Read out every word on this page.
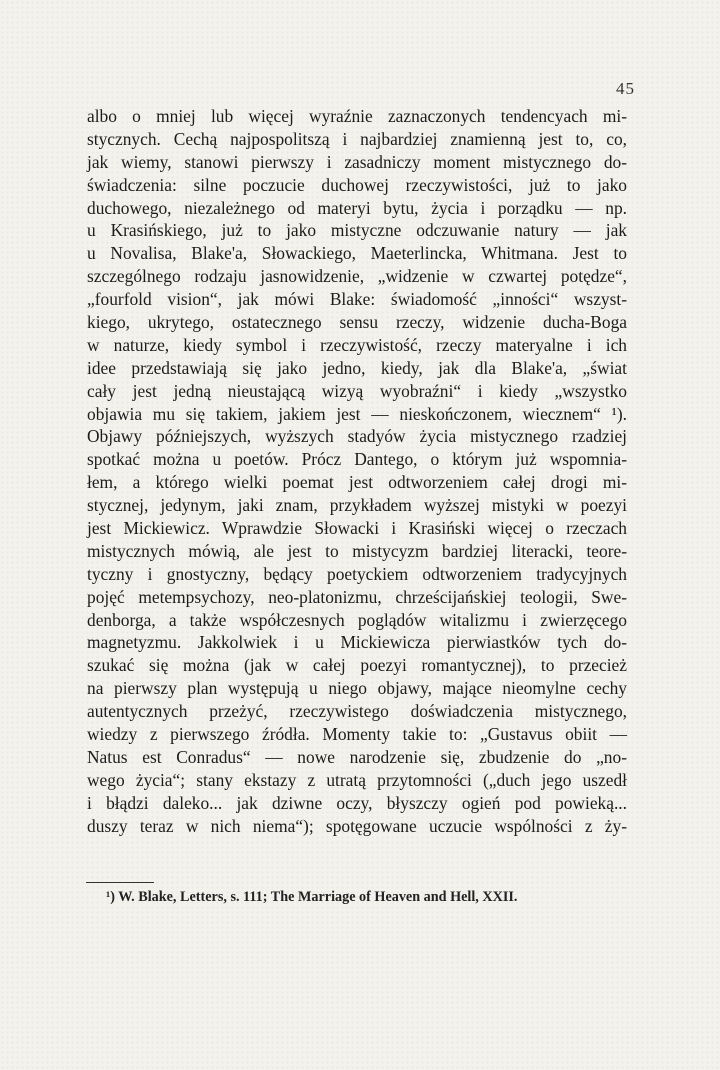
45
albo o mniej lub więcej wyraźnie zaznaczonych tendencyach mi-
stycznych. Cechą najpospolitszą i najbardziej znamienną jest to, co,
jak wiemy, stanowi pierwszy i zasadniczy moment mistycznego do-
świadczenia: silne poczucie duchowej rzeczywistości, już to jako
duchowego, niezależnego od materyi bytu, życia i porządku — np.
u Krasińskiego, już to jako mistyczne odczuwanie natury — jak
u Novalisa, Blake'a, Słowackiego, Maeterlincka, Whitmana. Jest to
szczególnego rodzaju jasnowidzenie, „widzenie w czwartej potędze“,
„fourfold vision“, jak mówi Blake: świadomość „inności“ wszyst-
kiego, ukrytego, ostatecznego sensu rzeczy, widzenie ducha-Boga
w naturze, kiedy symbol i rzeczywistość, rzeczy materyalne i ich
idee przedstawiają się jako jedno, kiedy, jak dla Blake'a, „świat
cały jest jedną nieustającą wizyą wyobraźni“ i kiedy „wszystko
objawia mu się takiem, jakiem jest — nieskończonem, wiecznem“ ¹).
Objawy późniejszych, wyższych stadyów życia mistycznego rzadziej
spotkać można u poetów. Prócz Dantego, o którym już wspomnia-
łem, a którego wielki poemat jest odtworzeniem całej drogi mi-
stycznej, jedynym, jaki znam, przykładem wyższej mistyki w poezyi
jest Mickiewicz. Wprawdzie Słowacki i Krasiński więcej o rzeczach
mistycznych mówią, ale jest to mistycyzm bardziej literacki, teore-
tyczny i gnostyczny, będący poetyckiem odtworzeniem tradycyjnych
pojęć metempsychozy, neo-platonizmu, chrześcijańskiej teologii, Swe-
denborga, a także współczesnych poglądów witalizmu i zwierzęcego
magnetyzmu. Jakkolwiek i u Mickiewicza pierwiastków tych do-
szukać się można (jak w całej poezyi romantycznej), to przecież
na pierwszy plan występują u niego objawy, mające nieomylne cechy
autentycznych przeżyć, rzeczywistego doświadczenia mistycznego,
wiedzy z pierwszego źródła. Momenty takie to: „Gustavus obiit —
Natus est Conradus“ — nowe narodzenie się, zbudzenie do „no-
wego życia“; stany ekstazy z utratą przytomności („duch jego uszedł
i błądzi daleko... jak dziwne oczy, błyszczy ogień pod powieką...
duszy teraz w nich niema“); spotęgowane uczucie wspólności z ży-
¹) W. Blake, Letters, s. 111; The Marriage of Heaven and Hell, XXII.
